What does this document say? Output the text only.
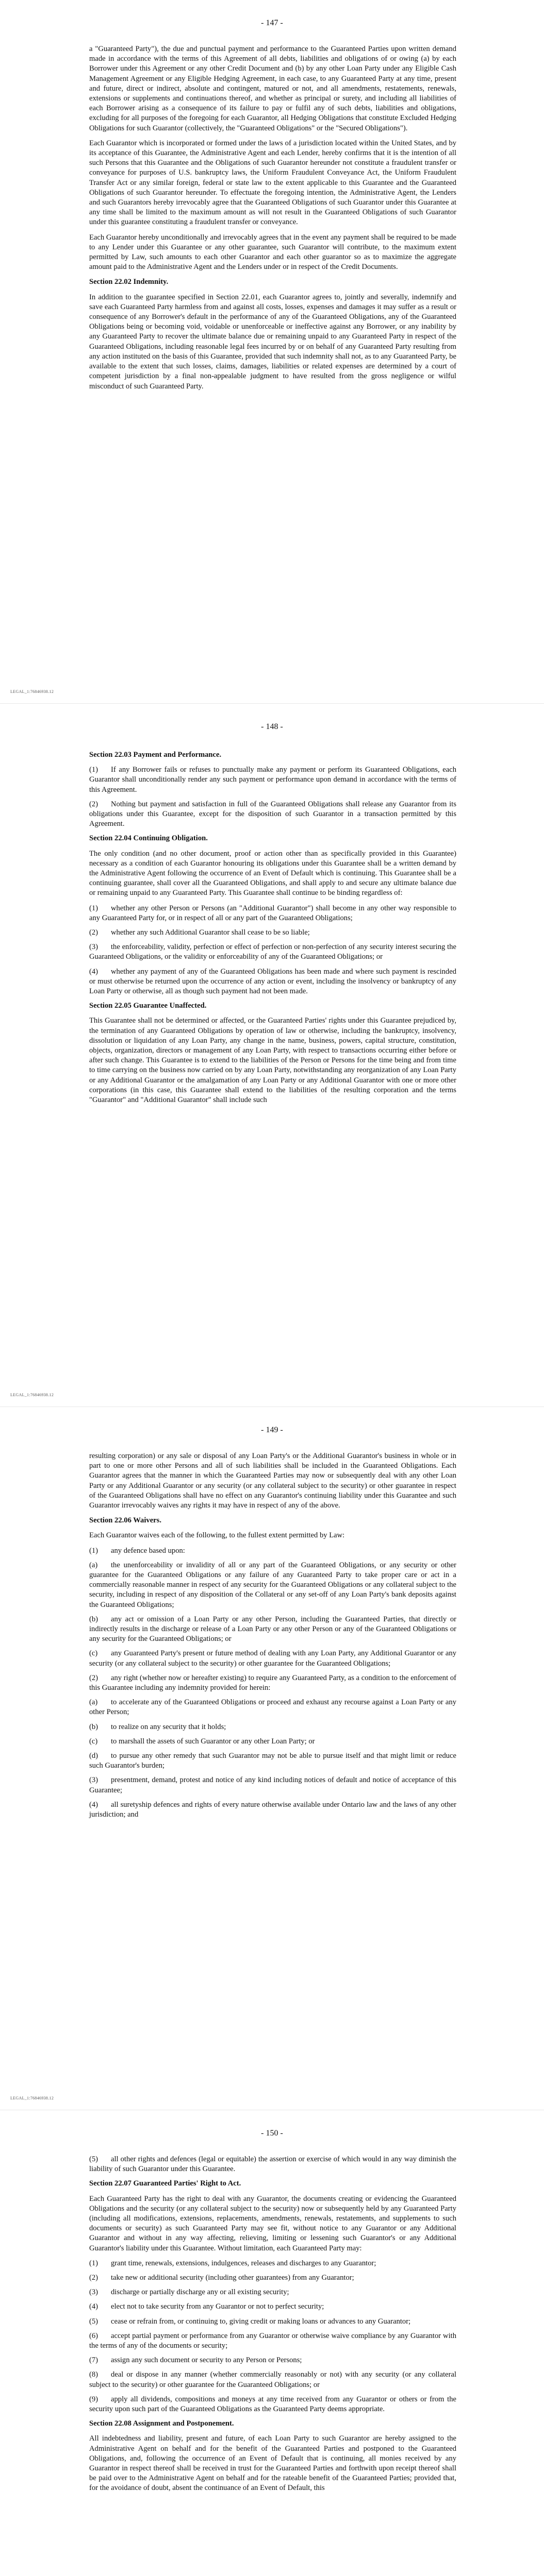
- 147 -

a "Guaranteed Party"), the due and punctual payment and performance to the Guaranteed Parties upon written demand made in accordance with the terms of this Agreement of all debts, liabilities and obligations of or owing (a) by each Borrower under this Agreement or any other Credit Document and (b) by any other Loan Party under any Eligible Cash Management Agreement or any Eligible Hedging Agreement, in each case, to any Guaranteed Party at any time, present and future, direct or indirect, absolute and contingent, matured or not, and all amendments, restatements, renewals, extensions or supplements and continuations thereof, and whether as principal or surety, and including all liabilities of each Borrower arising as a consequence of its failure to pay or fulfil any of such debts, liabilities and obligations, excluding for all purposes of the foregoing for each Guarantor, all Hedging Obligations that constitute Excluded Hedging Obligations for such Guarantor (collectively, the "Guaranteed Obligations" or the "Secured Obligations").

Each Guarantor which is incorporated or formed under the laws of a jurisdiction located within the United States, and by its acceptance of this Guarantee, the Administrative Agent and each Lender, hereby confirms that it is the intention of all such Persons that this Guarantee and the Obligations of such Guarantor hereunder not constitute a fraudulent transfer or conveyance for purposes of U.S. bankruptcy laws, the Uniform Fraudulent Conveyance Act, the Uniform Fraudulent Transfer Act or any similar foreign, federal or state law to the extent applicable to this Guarantee and the Guaranteed Obligations of such Guarantor hereunder. To effectuate the foregoing intention, the Administrative Agent, the Lenders and such Guarantors hereby irrevocably agree that the Guaranteed Obligations of such Guarantor under this Guarantee at any time shall be limited to the maximum amount as will not result in the Guaranteed Obligations of such Guarantor under this guarantee constituting a fraudulent transfer or conveyance.

Each Guarantor hereby unconditionally and irrevocably agrees that in the event any payment shall be required to be made to any Lender under this Guarantee or any other guarantee, such Guarantor will contribute, to the maximum extent permitted by Law, such amounts to each other Guarantor and each other guarantor so as to maximize the aggregate amount paid to the Administrative Agent and the Lenders under or in respect of the Credit Documents.

Section 22.02 Indemnity.

In addition to the guarantee specified in Section 22.01, each Guarantor agrees to, jointly and severally, indemnify and save each Guaranteed Party harmless from and against all costs, losses, expenses and damages it may suffer as a result or consequence of any Borrower's default in the performance of any of the Guaranteed Obligations, any of the Guaranteed Obligations being or becoming void, voidable or unenforceable or ineffective against any Borrower, or any inability by any Guaranteed Party to recover the ultimate balance due or remaining unpaid to any Guaranteed Party in respect of the Guaranteed Obligations, including reasonable legal fees incurred by or on behalf of any Guaranteed Party resulting from any action instituted on the basis of this Guarantee, provided that such indemnity shall not, as to any Guaranteed Party, be available to the extent that such losses, claims, damages, liabilities or related expenses are determined by a court of competent jurisdiction by a final non-appealable judgment to have resulted from the gross negligence or wilful misconduct of such Guaranteed Party.

LEGAL_1:76846938.12
- 148 -
Section 22.03 Payment and Performance.

(1) If any Borrower fails or refuses to punctually make any payment or perform its Guaranteed Obligations, each Guarantor shall unconditionally render any such payment or performance upon demand in accordance with the terms of this Agreement.

(2) Nothing but payment and satisfaction in full of the Guaranteed Obligations shall release any Guarantor from its obligations under this Guarantee, except for the disposition of such Guarantor in a transaction permitted by this Agreement.

Section 22.04 Continuing Obligation.

The only condition (and no other document, proof or action other than as specifically provided in this Guarantee) necessary as a condition of each Guarantor honouring its obligations under this Guarantee shall be a written demand by the Administrative Agent following the occurrence of an Event of Default which is continuing. This Guarantee shall be a continuing guarantee, shall cover all the Guaranteed Obligations, and shall apply to and secure any ultimate balance due or remaining unpaid to any Guaranteed Party. This Guarantee shall continue to be binding regardless of:

(1) whether any other Person or Persons (an "Additional Guarantor") shall become in any other way responsible to any Guaranteed Party for, or in respect of all or any part of the Guaranteed Obligations;

(2) whether any such Additional Guarantor shall cease to be so liable;

(3) the enforceability, validity, perfection or effect of perfection or non-perfection of any security interest securing the Guaranteed Obligations, or the validity or enforceability of any of the Guaranteed Obligations; or

(4) whether any payment of any of the Guaranteed Obligations has been made and where such payment is rescinded or must otherwise be returned upon the occurrence of any action or event, including the insolvency or bankruptcy of any Loan Party or otherwise, all as though such payment had not been made.

Section 22.05 Guarantee Unaffected.

This Guarantee shall not be determined or affected, or the Guaranteed Parties' rights under this Guarantee prejudiced by, the termination of any Guaranteed Obligations by operation of law or otherwise, including the bankruptcy, insolvency, dissolution or liquidation of any Loan Party, any change in the name, business, powers, capital structure, constitution, objects, organization, directors or management of any Loan Party, with respect to transactions occurring either before or after such change. This Guarantee is to extend to the liabilities of the Person or Persons for the time being and from time to time carrying on the business now carried on by any Loan Party, notwithstanding any reorganization of any Loan Party or any Additional Guarantor or the amalgamation of any Loan Party or any Additional Guarantor with one or more other corporations (in this case, this Guarantee shall extend to the liabilities of the resulting corporation and the terms "Guarantor" and "Additional Guarantor" shall include such

LEGAL_1:76846938.12
- 149 -

resulting corporation) or any sale or disposal of any Loan Party's or the Additional Guarantor's business in whole or in part to one or more other Persons and all of such liabilities shall be included in the Guaranteed Obligations. Each Guarantor agrees that the manner in which the Guaranteed Parties may now or subsequently deal with any other Loan Party or any Additional Guarantor or any security (or any collateral subject to the security) or other guarantee in respect of the Guaranteed Obligations shall have no effect on any Guarantor's continuing liability under this Guarantee and such Guarantor irrevocably waives any rights it may have in respect of any of the above.

Section 22.06 Waivers.

Each Guarantor waives each of the following, to the fullest extent permitted by Law:

(1) any defence based upon:

(a) the unenforceability or invalidity of all or any part of the Guaranteed Obligations, or any security or other guarantee for the Guaranteed Obligations or any failure of any Guaranteed Party to take proper care or act in a commercially reasonable manner in respect of any security for the Guaranteed Obligations or any collateral subject to the security, including in respect of any disposition of the Collateral or any set-off of any Loan Party's bank deposits against the Guaranteed Obligations;

(b) any act or omission of a Loan Party or any other Person, including the Guaranteed Parties, that directly or indirectly results in the discharge or release of a Loan Party or any other Person or any of the Guaranteed Obligations or any security for the Guaranteed Obligations; or

(c) any Guaranteed Party's present or future method of dealing with any Loan Party, any Additional Guarantor or any security (or any collateral subject to the security) or other guarantee for the Guaranteed Obligations;

(2) any right (whether now or hereafter existing) to require any Guaranteed Party, as a condition to the enforcement of this Guarantee including any indemnity provided for herein:

(a) to accelerate any of the Guaranteed Obligations or proceed and exhaust any recourse against a Loan Party or any other Person;

(b) to realize on any security that it holds;

(c) to marshall the assets of such Guarantor or any other Loan Party; or

(d) to pursue any other remedy that such Guarantor may not be able to pursue itself and that might limit or reduce such Guarantor's burden;

(3) presentment, demand, protest and notice of any kind including notices of default and notice of acceptance of this Guarantee;

(4) all suretyship defences and rights of every nature otherwise available under Ontario law and the laws of any other jurisdiction; and

LEGAL_1:76846938.12
- 150 -

(5) all other rights and defences (legal or equitable) the assertion or exercise of which would in any way diminish the liability of such Guarantor under this Guarantee.

Section 22.07 Guaranteed Parties' Right to Act.

Each Guaranteed Party has the right to deal with any Guarantor, the documents creating or evidencing the Guaranteed Obligations and the security (or any collateral subject to the security) now or subsequently held by any Guaranteed Party (including all modifications, extensions, replacements, amendments, renewals, restatements, and supplements to such documents or security) as such Guaranteed Party may see fit, without notice to any Guarantor or any Additional Guarantor and without in any way affecting, relieving, limiting or lessening such Guarantor's or any Additional Guarantor's liability under this Guarantee. Without limitation, each Guaranteed Party may:

(1) grant time, renewals, extensions, indulgences, releases and discharges to any Guarantor;

(2) take new or additional security (including other guarantees) from any Guarantor;

(3) discharge or partially discharge any or all existing security;

(4) elect not to take security from any Guarantor or not to perfect security;

(5) cease or refrain from, or continuing to, giving credit or making loans or advances to any Guarantor;

(6) accept partial payment or performance from any Guarantor or otherwise waive compliance by any Guarantor with the terms of any of the documents or security;

(7) assign any such document or security to any Person or Persons;

(8) deal or dispose in any manner (whether commercially reasonably or not) with any security (or any collateral subject to the security) or other guarantee for the Guaranteed Obligations; or

(9) apply all dividends, compositions and moneys at any time received from any Guarantor or others or from the security upon such part of the Guaranteed Obligations as the Guaranteed Party deems appropriate.

Section 22.08 Assignment and Postponement.

All indebtedness and liability, present and future, of each Loan Party to such Guarantor are hereby assigned to the Administrative Agent on behalf and for the benefit of the Guaranteed Parties and postponed to the Guaranteed Obligations, and, following the occurrence of an Event of Default that is continuing, all monies received by any Guarantor in respect thereof shall be received in trust for the Guaranteed Parties and forthwith upon receipt thereof shall be paid over to the Administrative Agent on behalf and for the rateable benefit of the Guaranteed Parties; provided that, for the avoidance of doubt, absent the continuance of an Event of Default, this
